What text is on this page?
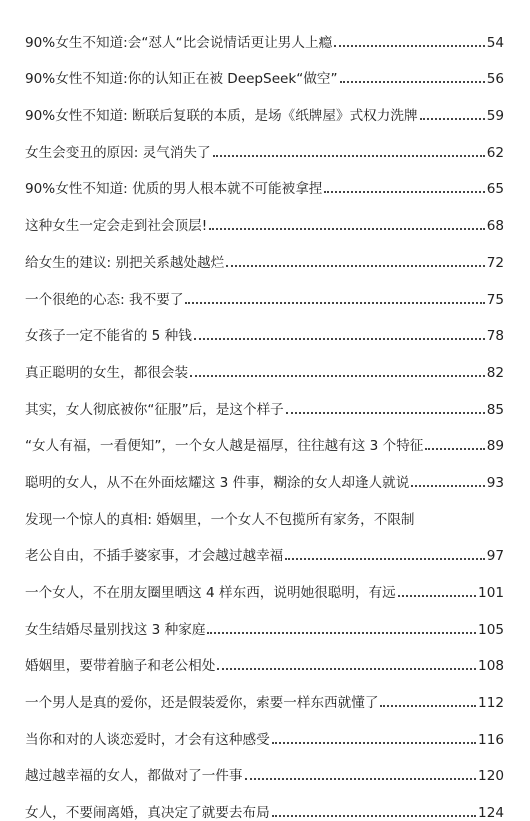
90%女生不知道:会“怼人“比会说情话更让男人上瘾	54
90%女性不知道:你的认知正在被 DeepSeek“做空”	56
90%女性不知道: 断联后复联的本质，是场《纸牌屋》式权力洗牌	59
女生会变丑的原因: 灵气消失了	62
90%女性不知道: 优质的男人根本就不可能被拿捏	65
这种女生一定会走到社会顶层!	68
给女生的建议: 别把关系越处越烂	72
一个很绝的心态: 我不要了	75
女孩子一定不能省的 5 种钱	78
真正聪明的女生，都很会装	82
其实，女人彻底被你“征服”后，是这个样子	85
“女人有福，一看便知”，一个女人越是福厚，往往越有这 3 个特征	89
聪明的女人，从不在外面炫耀这 3 件事，糊涂的女人却逢人就说	93
发现一个惊人的真相: 婚姻里，一个女人不包揽所有家务，不限制
老公自由，不插手婆家事，才会越过越幸福	97
一个女人，不在朋友圈里晒这 4 样东西，说明她很聪明，有远	101
女生结婚尽量别找这 3 种家庭	105
婚姻里，要带着脑子和老公相处	108
一个男人是真的爱你，还是假装爱你，索要一样东西就懂了	112
当你和对的人谈恋爱时，才会有这种感受	116
越过越幸福的女人，都做对了一件事	120
女人，不要闹离婚，真决定了就要去布局	124
